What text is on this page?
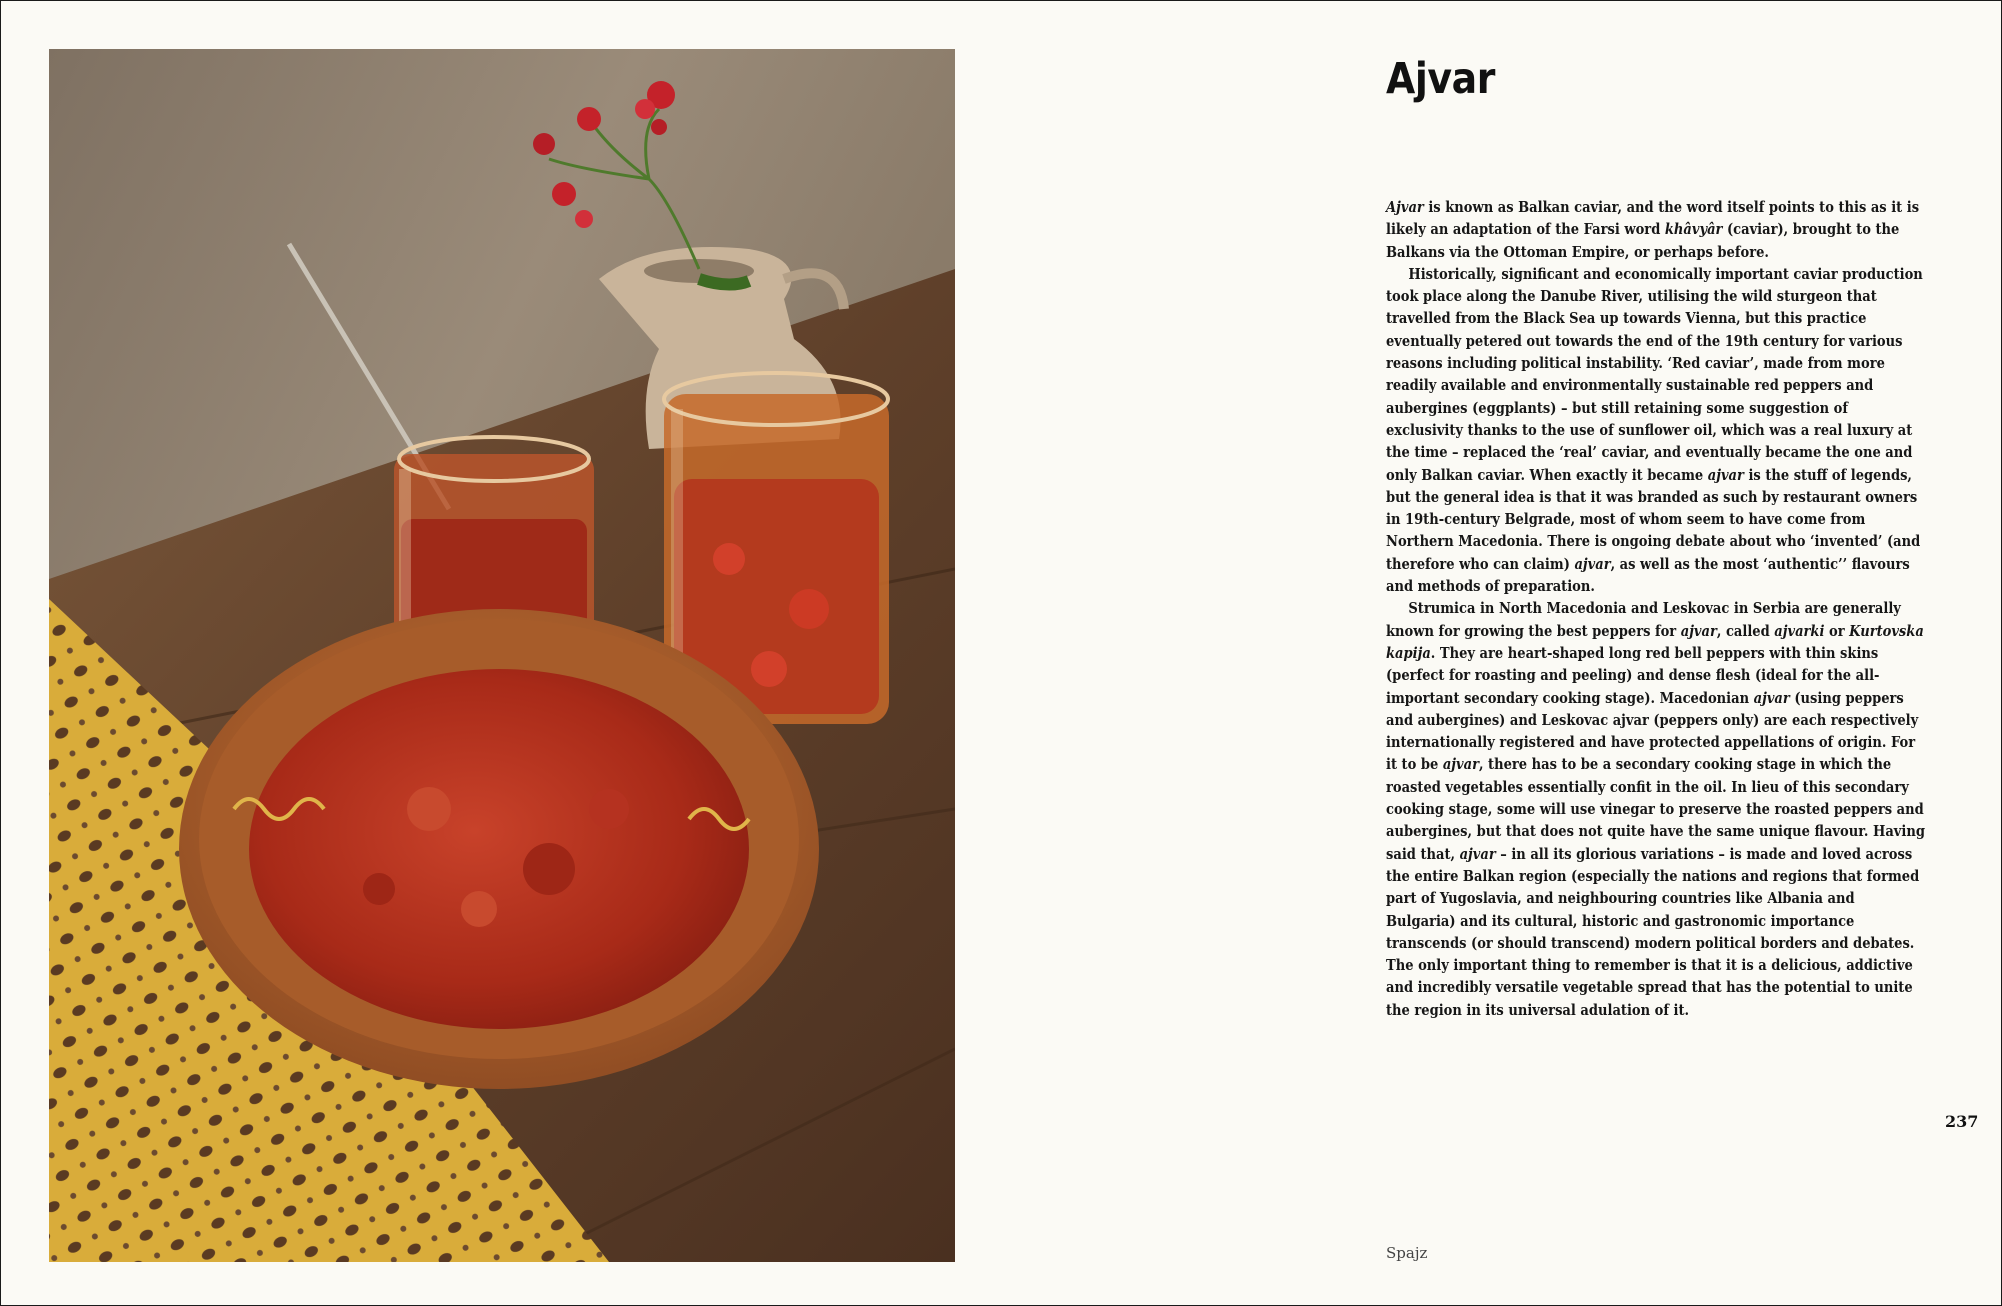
Ajvar

Ajvar is known as Balkan caviar, and the word itself points to this as it is likely an adaptation of the Farsi word khâvyâr (caviar), brought to the Balkans via the Ottoman Empire, or perhaps before.

Historically, significant and economically important caviar production took place along the Danube River, utilising the wild sturgeon that travelled from the Black Sea up towards Vienna, but this practice eventually petered out towards the end of the 19th century for various reasons including political instability. ‘Red caviar’, made from more readily available and environmentally sustainable red peppers and aubergines (eggplants) – but still retaining some suggestion of exclusivity thanks to the use of sunflower oil, which was a real luxury at the time – replaced the ‘real’ caviar, and eventually became the one and only Balkan caviar. When exactly it became ajvar is the stuff of legends, but the general idea is that it was branded as such by restaurant owners in 19th-century Belgrade, most of whom seem to have come from Northern Macedonia. There is ongoing debate about who ‘invented’ (and therefore who can claim) ajvar, as well as the most ‘authentic’’ flavours and methods of preparation.

Strumica in North Macedonia and Leskovac in Serbia are generally known for growing the best peppers for ajvar, called ajvarki or Kurtovska kapija. They are heart-shaped long red bell peppers with thin skins (perfect for roasting and peeling) and dense flesh (ideal for the all-important secondary cooking stage). Macedonian ajvar (using peppers and aubergines) and Leskovac ajvar (peppers only) are each respectively internationally registered and have protected appellations of origin. For it to be ajvar, there has to be a secondary cooking stage in which the roasted vegetables essentially confit in the oil. In lieu of this secondary cooking stage, some will use vinegar to preserve the roasted peppers and aubergines, but that does not quite have the same unique flavour. Having said that, ajvar – in all its glorious variations – is made and loved across the entire Balkan region (especially the nations and regions that formed part of Yugoslavia, and neighbouring countries like Albania and Bulgaria) and its cultural, historic and gastronomic importance transcends (or should transcend) modern political borders and debates. The only important thing to remember is that it is a delicious, addictive and incredibly versatile vegetable spread that has the potential to unite the region in its universal adulation of it.

237
Spajz
